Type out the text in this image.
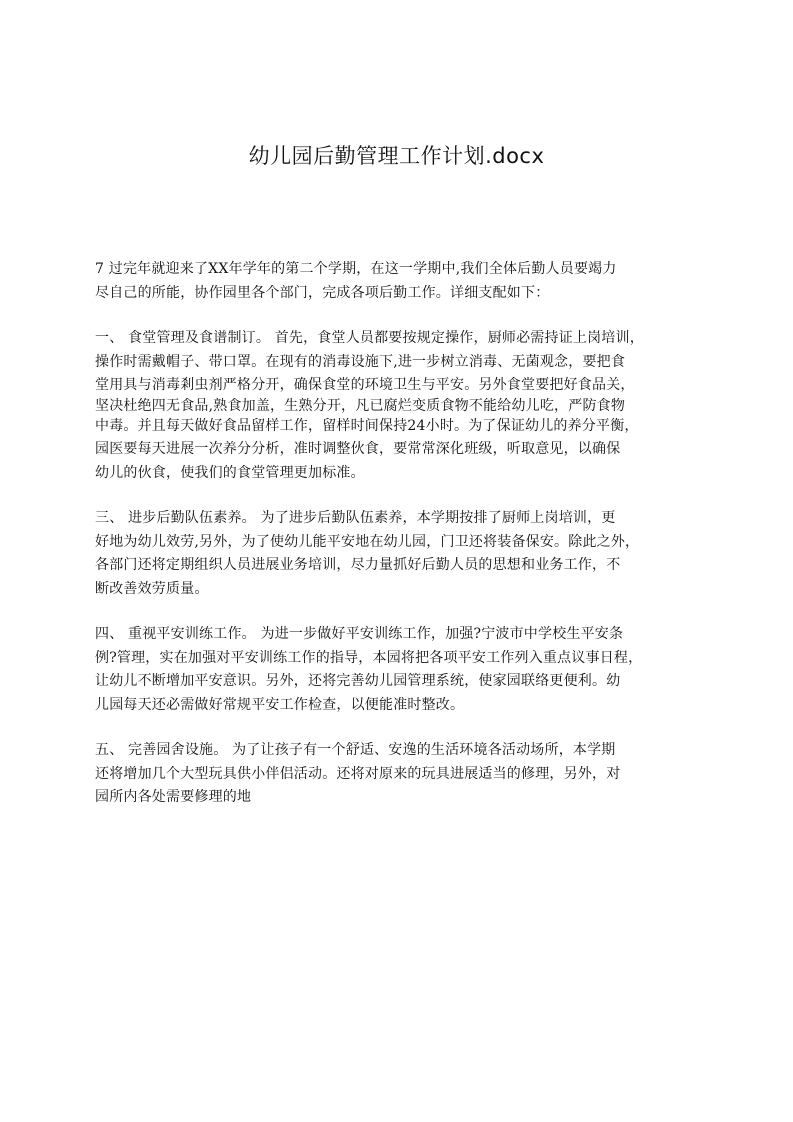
幼儿园后勤管理工作计划.docx

7 过完年就迎来了XX年学年的第二个学期，在这一学期中,我们全体后勤人员要竭力
尽自己的所能，协作园里各个部门，完成各项后勤工作。详细支配如下：

一、 食堂管理及食谱制订。 首先，食堂人员都要按规定操作，厨师必需持证上岗培训，
操作时需戴帽子、带口罩。在现有的消毒设施下,进一步树立消毒、无菌观念，要把食
堂用具与消毒剎虫剂严格分开，确保食堂的环境卫生与平安。另外食堂要把好食品关，
坚决杜绝四无食品,熟食加盖，生熟分开，凡已腐烂变质食物不能给幼儿吃，严防食物
中毒。并且每天做好食品留样工作，留样时间保持24小时。为了保证幼儿的养分平衡，
园医要每天进展一次养分分析，准时调整伙食，要常常深化班级，听取意见，以确保
幼儿的伙食，使我们的食堂管理更加标准。

三、 进步后勤队伍素养。 为了进步后勤队伍素养，本学期按排了厨师上岗培训，更
好地为幼儿效劳,另外，为了使幼儿能平安地在幼儿园，门卫还将装备保安。除此之外，
各部门还将定期组织人员进展业务培训，尽力量抓好后勤人员的思想和业务工作，不
断改善效劳质量。

四、 重视平安训练工作。 为进一步做好平安训练工作，加强?宁波市中学校生平安条
例?管理，实在加强对平安训练工作的指导，本园将把各项平安工作列入重点议事日程，
让幼儿不断增加平安意识。另外，还将完善幼儿园管理系统，使家园联络更便利。幼
儿园每天还必需做好常规平安工作检查，以便能准时整改。

五、 完善园舍设施。 为了让孩子有一个舒适、安逸的生活环境各活动场所，本学期
还将增加几个大型玩具供小伴侣活动。还将对原来的玩具进展适当的修理，另外，对
园所内各处需要修理的地
